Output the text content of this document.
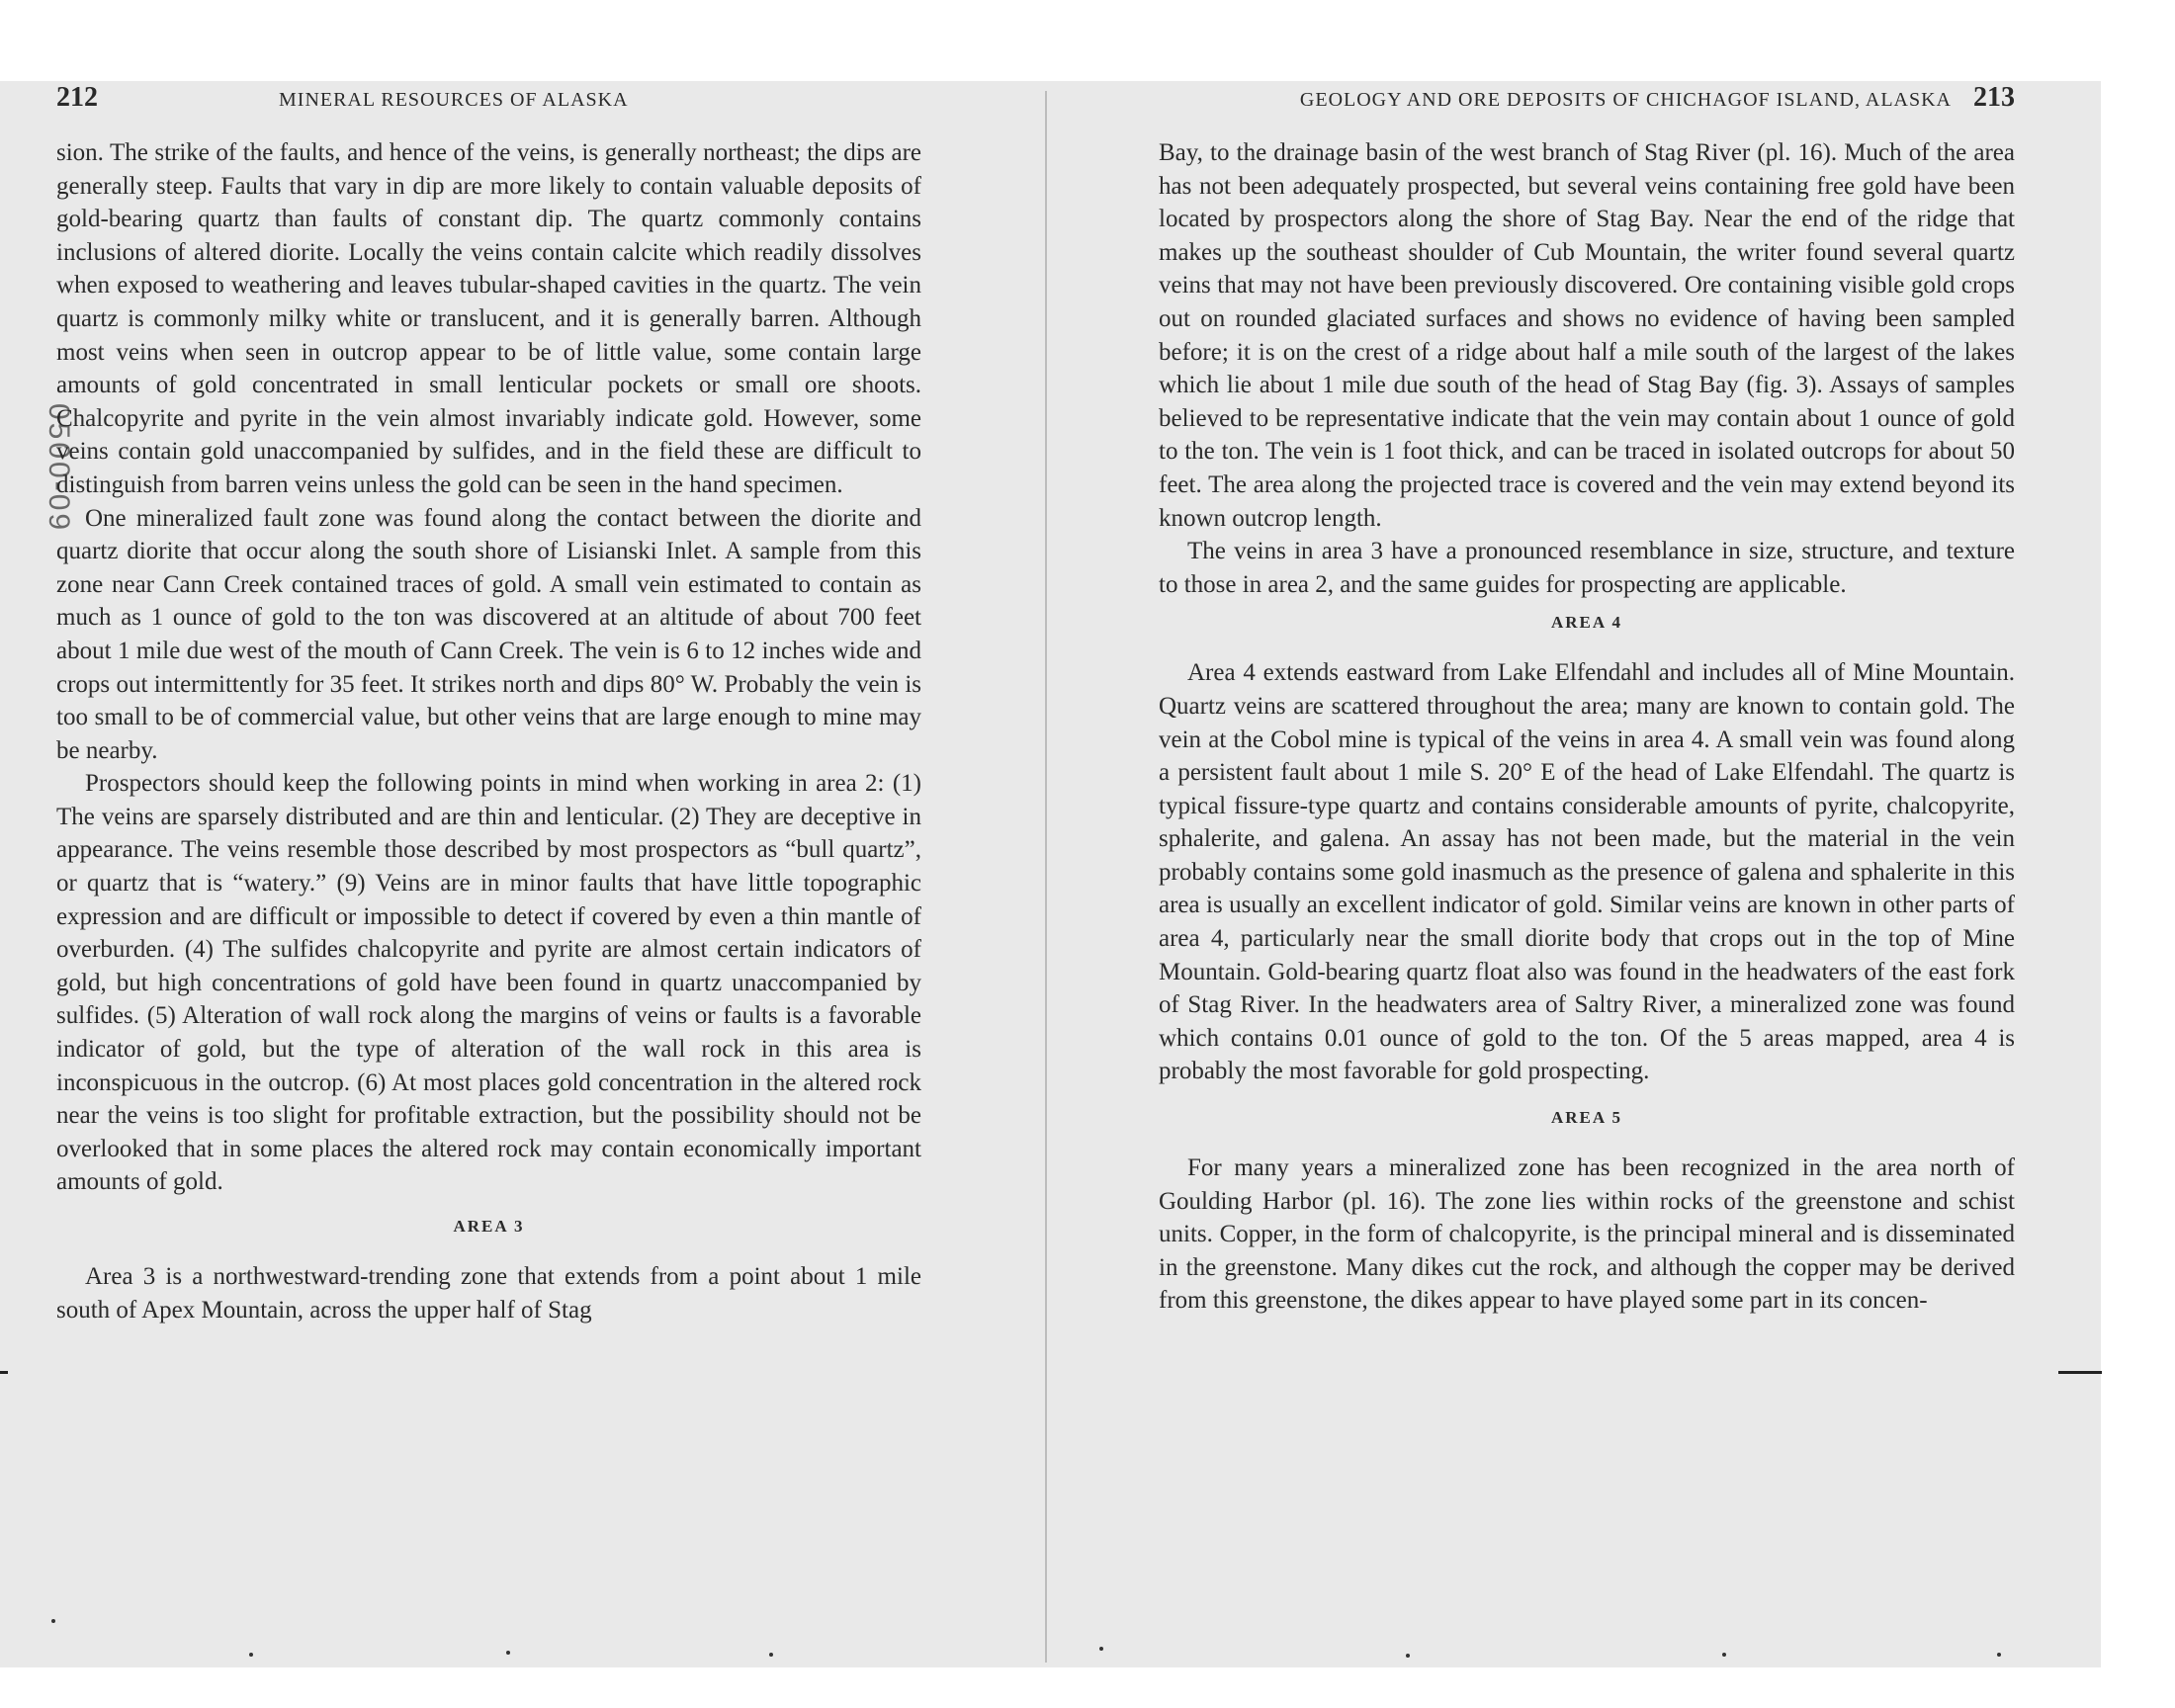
0500-09
212	MINERAL RESOURCES OF ALASKA

sion. The strike of the faults, and hence of the veins, is generally northeast; the dips are generally steep. Faults that vary in dip are more likely to contain valuable deposits of gold-bearing quartz than faults of constant dip. The quartz commonly contains inclusions of altered diorite. Locally the veins contain calcite which readily dissolves when exposed to weathering and leaves tubular-shaped cavities in the quartz. The vein quartz is commonly milky white or translucent, and it is generally barren. Although most veins when seen in outcrop appear to be of little value, some contain large amounts of gold concentrated in small lenticular pockets or small ore shoots. Chalcopyrite and pyrite in the vein almost invariably indicate gold. However, some veins contain gold unaccompanied by sulfides, and in the field these are difficult to distinguish from barren veins unless the gold can be seen in the hand specimen.

One mineralized fault zone was found along the contact between the diorite and quartz diorite that occur along the south shore of Lisianski Inlet. A sample from this zone near Cann Creek contained traces of gold. A small vein estimated to contain as much as 1 ounce of gold to the ton was discovered at an altitude of about 700 feet about 1 mile due west of the mouth of Cann Creek. The vein is 6 to 12 inches wide and crops out intermittently for 35 feet. It strikes north and dips 80° W. Probably the vein is too small to be of commercial value, but other veins that are large enough to mine may be nearby.

Prospectors should keep the following points in mind when working in area 2: (1) The veins are sparsely distributed and are thin and lenticular. (2) They are deceptive in appearance. The veins resemble those described by most prospectors as “bull quartz”, or quartz that is “watery.” (9) Veins are in minor faults that have little topographic expression and are difficult or impossible to detect if covered by even a thin mantle of overburden. (4) The sulfides chalcopyrite and pyrite are almost certain indicators of gold, but high concentrations of gold have been found in quartz unaccompanied by sulfides. (5) Alteration of wall rock along the margins of veins or faults is a favorable indicator of gold, but the type of alteration of the wall rock in this area is inconspicuous in the outcrop. (6) At most places gold concentration in the altered rock near the veins is too slight for profitable extraction, but the possibility should not be overlooked that in some places the altered rock may contain economically important amounts of gold.

AREA 3

Area 3 is a northwestward-trending zone that extends from a point about 1 mile south of Apex Mountain, across the upper half of Stag

GEOLOGY AND ORE DEPOSITS OF CHICHAGOF ISLAND, ALASKA 213

Bay, to the drainage basin of the west branch of Stag River (pl. 16). Much of the area has not been adequately prospected, but several veins containing free gold have been located by prospectors along the shore of Stag Bay. Near the end of the ridge that makes up the southeast shoulder of Cub Mountain, the writer found several quartz veins that may not have been previously discovered. Ore containing visible gold crops out on rounded glaciated surfaces and shows no evidence of having been sampled before; it is on the crest of a ridge about half a mile south of the largest of the lakes which lie about 1 mile due south of the head of Stag Bay (fig. 3). Assays of samples believed to be representative indicate that the vein may contain about 1 ounce of gold to the ton. The vein is 1 foot thick, and can be traced in isolated outcrops for about 50 feet. The area along the projected trace is covered and the vein may extend beyond its known outcrop length.

The veins in area 3 have a pronounced resemblance in size, structure, and texture to those in area 2, and the same guides for prospecting are applicable.

AREA 4

Area 4 extends eastward from Lake Elfendahl and includes all of Mine Mountain. Quartz veins are scattered throughout the area; many are known to contain gold. The vein at the Cobol mine is typical of the veins in area 4. A small vein was found along a persistent fault about 1 mile S. 20° E of the head of Lake Elfendahl. The quartz is typical fissure-type quartz and contains considerable amounts of pyrite, chalcopyrite, sphalerite, and galena. An assay has not been made, but the material in the vein probably contains some gold inasmuch as the presence of galena and sphalerite in this area is usually an excellent indicator of gold. Similar veins are known in other parts of area 4, particularly near the small diorite body that crops out in the top of Mine Mountain. Gold-bearing quartz float also was found in the headwaters of the east fork of Stag River. In the headwaters area of Saltry River, a mineralized zone was found which contains 0.01 ounce of gold to the ton. Of the 5 areas mapped, area 4 is probably the most favorable for gold prospecting.

AREA 5

For many years a mineralized zone has been recognized in the area north of Goulding Harbor (pl. 16). The zone lies within rocks of the greenstone and schist units. Copper, in the form of chalcopyrite, is the principal mineral and is disseminated in the greenstone. Many dikes cut the rock, and although the copper may be derived from this greenstone, the dikes appear to have played some part in its concen-
